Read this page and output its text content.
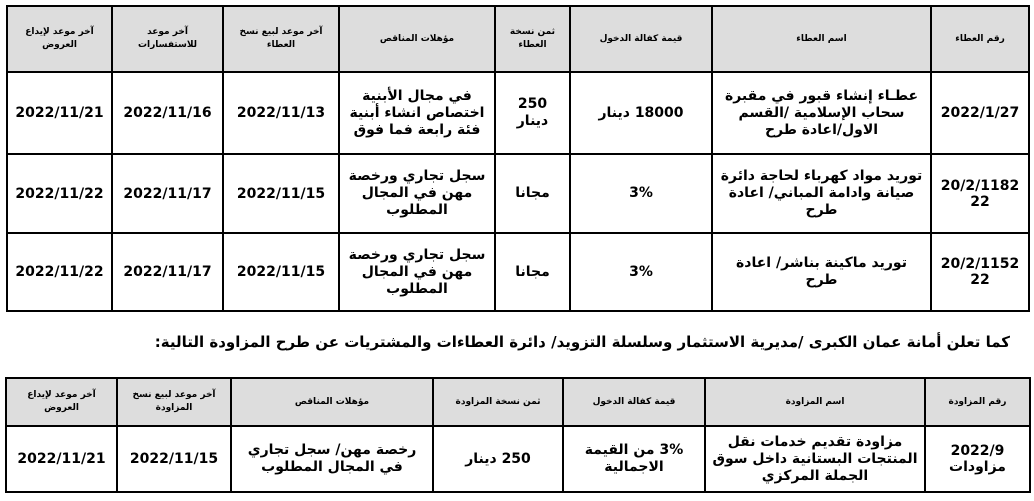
رقم العطاء	اسم العطاء	قيمة كفالة الدخول	ثمن نسخة العطاء	مؤهلات المناقص	آخر موعد لبيع نسخ العطاء	آخر موعد للاستفسارات	آخر موعد لإيداع العروض
2022/1/27	عطـاء إنشاء قبور في مقبرة سحاب الإسلامية /القسم الاول/اعادة طرح	18000 دينار	250 دينار	في مجال الأبنية اختصاص انشاء أبنية فئة رابعة فما فوق	2022/11/13	2022/11/16	2022/11/21
20/2/1182 22	توريد مواد كهرباء لحاجة دائرة صيانة وادامة المباني/ اعادة طرح	3%	مجانا	سجل تجاري ورخصة مهن في المجال المطلوب	2022/11/15	2022/11/17	2022/11/22
20/2/1152 22	توريد ماكينة بناشر/ اعادة طرح	3%	مجانا	سجل تجاري ورخصة مهن في المجال المطلوب	2022/11/15	2022/11/17	2022/11/22
كما تعلن أمانة عمان الكبرى /مديرية الاستثمار وسلسلة التزويد/ دائرة العطاءات والمشتريات عن طرح المزاودة التالية:
رقم المزاودة	اسم المزاودة	قيمة كفالة الدخول	ثمن نسخة المزاودة	مؤهلات المناقص	آخر موعد لبيع نسخ المزاودة	آخر موعد لإيداع العروض
2022/9 مزاودات	مزاودة تقديم خدمات نقل المنتجات البستانية داخل سوق الجملة المركزي	3% من القيمة الاجمالية	250 دينار	رخصة مهن/ سجل تجاري في المجال المطلوب	2022/11/15	2022/11/21
